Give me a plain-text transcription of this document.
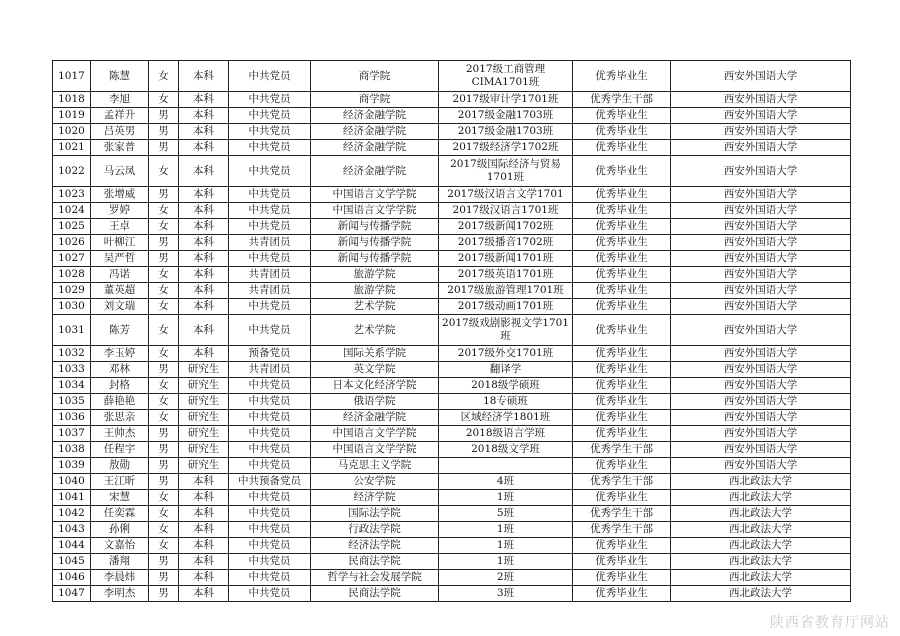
1017	陈慧	女	本科	中共党员	商学院	2017级工商管理CIMA1701班	优秀毕业生	西安外国语大学
1018	李旭	女	本科	中共党员	商学院	2017级审计学1701班	优秀学生干部	西安外国语大学
1019	孟祥升	男	本科	中共党员	经济金融学院	2017级金融1703班	优秀毕业生	西安外国语大学
1020	吕英男	男	本科	中共党员	经济金融学院	2017级金融1703班	优秀毕业生	西安外国语大学
1021	张家普	男	本科	中共党员	经济金融学院	2017级经济学1702班	优秀毕业生	西安外国语大学
1022	马云凤	女	本科	中共党员	经济金融学院	2017级国际经济与贸易1701班	优秀毕业生	西安外国语大学
1023	张增威	男	本科	中共党员	中国语言文学学院	2017级汉语言文学1701	优秀毕业生	西安外国语大学
1024	罗婷	女	本科	中共党员	中国语言文学学院	2017级汉语言1701班	优秀毕业生	西安外国语大学
1025	王卓	女	本科	中共党员	新闻与传播学院	2017级新闻1702班	优秀毕业生	西安外国语大学
1026	叶柳江	男	本科	共青团员	新闻与传播学院	2017级播音1702班	优秀毕业生	西安外国语大学
1027	吴严哲	男	本科	中共党员	新闻与传播学院	2017级新闻1701班	优秀毕业生	西安外国语大学
1028	冯诺	女	本科	共青团员	旅游学院	2017级英语1701班	优秀毕业生	西安外国语大学
1029	董英超	女	本科	共青团员	旅游学院	2017级旅游管理1701班	优秀毕业生	西安外国语大学
1030	刘文瑞	女	本科	中共党员	艺术学院	2017级动画1701班	优秀毕业生	西安外国语大学
1031	陈芳	女	本科	中共党员	艺术学院	2017级戏剧影视文学1701班	优秀毕业生	西安外国语大学
1032	李玉婷	女	本科	预备党员	国际关系学院	2017级外交1701班	优秀毕业生	西安外国语大学
1033	邓林	男	研究生	共青团员	英文学院	翻译学	优秀毕业生	西安外国语大学
1034	封格	女	研究生	中共党员	日本文化经济学院	2018级学硕班	优秀毕业生	西安外国语大学
1035	薛艳艳	女	研究生	中共党员	俄语学院	18专硕班	优秀毕业生	西安外国语大学
1036	张思亲	女	研究生	中共党员	经济金融学院	区域经济学1801班	优秀毕业生	西安外国语大学
1037	王帅杰	男	研究生	中共党员	中国语言文学学院	2018级语言学班	优秀毕业生	西安外国语大学
1038	任程宇	男	研究生	中共党员	中国语言文学学院	2018级文学班	优秀学生干部	西安外国语大学
1039	敖勋	男	研究生	中共党员	马克思主义学院		优秀毕业生	西安外国语大学
1040	王江昕	男	本科	中共预备党员	公安学院	4班	优秀学生干部	西北政法大学
1041	宋慧	女	本科	中共党员	经济学院	1班	优秀毕业生	西北政法大学
1042	任奕霖	女	本科	中共党员	国际法学院	5班	优秀学生干部	西北政法大学
1043	孙俐	女	本科	中共党员	行政法学院	1班	优秀学生干部	西北政法大学
1044	文嘉怡	女	本科	中共党员	经济法学院	1班	优秀毕业生	西北政法大学
1045	潘翔	男	本科	中共党员	民商法学院	1班	优秀毕业生	西北政法大学
1046	李晨炜	男	本科	中共党员	哲学与社会发展学院	2班	优秀毕业生	西北政法大学
1047	李明杰	男	本科	中共党员	民商法学院	3班	优秀毕业生	西北政法大学
陕西省教育厅网站
